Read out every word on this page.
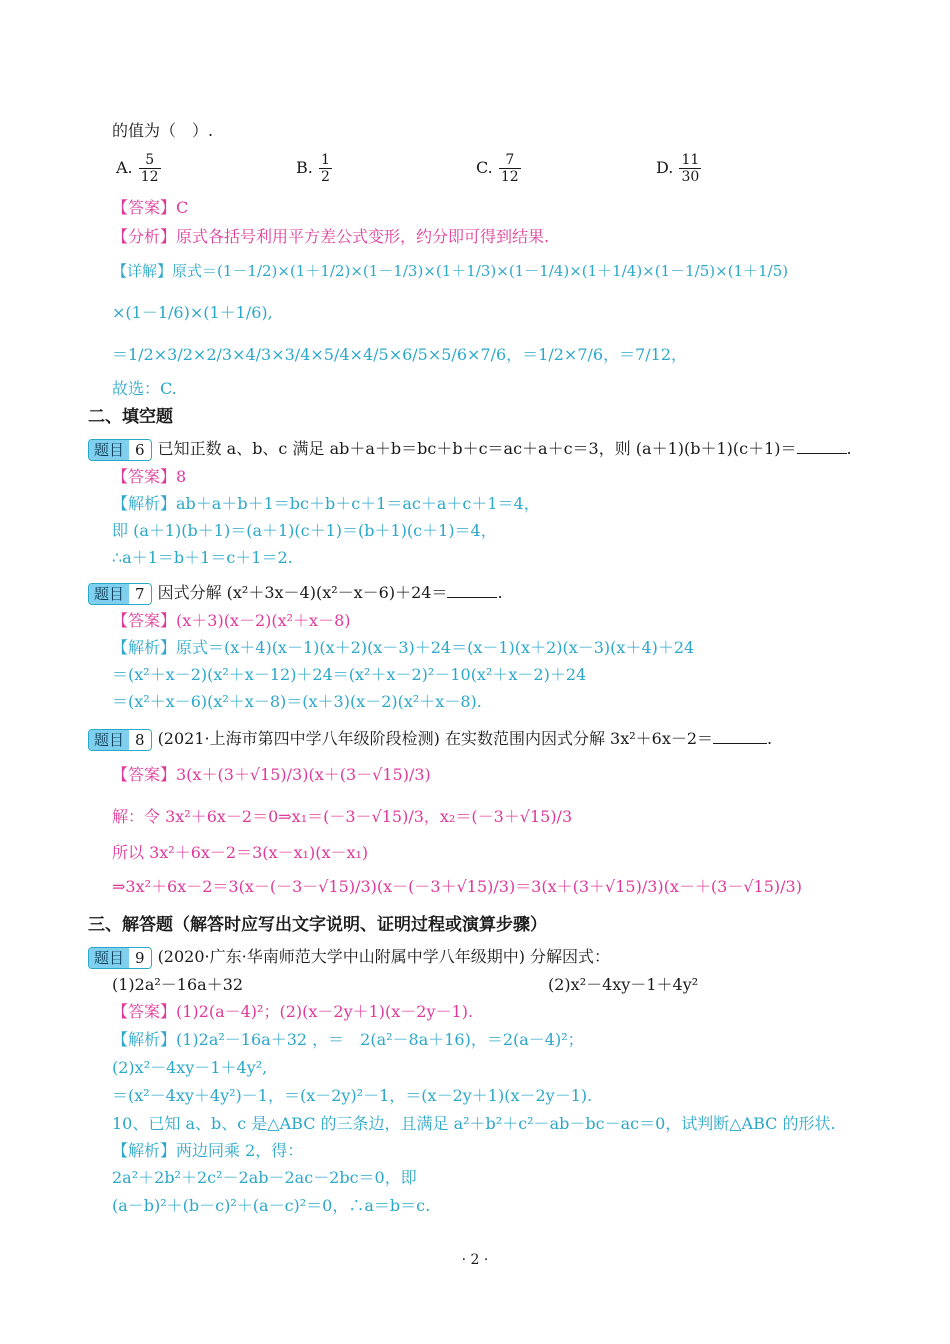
的值为（　）.
A. $\frac{5}{12}$	B. $\frac{1}{2}$	C. $\frac{7}{12}$	D. $\frac{11}{30}$
【答案】C
【分析】原式各括号利用平方差公式变形，约分即可得到结果.
【详解】原式＝(1－1/2)×(1＋1/2)×(1－1/3)×(1＋1/3)×(1－1/4)×(1＋1/4)×(1－1/5)×(1＋1/5)
×(1－1/6)×(1＋1/6),
＝1/2×3/2×2/3×4/3×3/4×5/4×4/5×6/5×5/6×7/6，＝1/2×7/6，＝7/12，
故选：C.
二、填空题
题目 6 已知正数 a、b、c 满足 ab＋a＋b＝bc＋b＋c＝ac＋a＋c＝3，则 (a＋1)(b＋1)(c＋1)＝	.
【答案】8
【解析】ab＋a＋b＋1＝bc＋b＋c＋1＝ac＋a＋c＋1＝4，
即 (a＋1)(b＋1)＝(a＋1)(c＋1)＝(b＋1)(c＋1)＝4，
∴a＋1＝b＋1＝c＋1＝2.
题目 7 因式分解 (x²＋3x－4)(x²－x－6)＋24＝	.
【答案】(x＋3)(x－2)(x²＋x－8)
【解析】原式＝(x＋4)(x－1)(x＋2)(x－3)＋24＝(x－1)(x＋2)(x－3)(x＋4)＋24
＝(x²＋x－2)(x²＋x－12)＋24＝(x²＋x－2)²－10(x²＋x－2)＋24
＝(x²＋x－6)(x²＋x－8)＝(x＋3)(x－2)(x²＋x－8).
题目 8 (2021·上海市第四中学八年级阶段检测) 在实数范围内因式分解 3x²＋6x－2＝	.
【答案】3(x＋(3＋√15)/3)(x＋(3－√15)/3)
解：令 3x²＋6x－2＝0⇒x₁＝(－3－√15)/3，x₂＝(－3＋√15)/3
所以 3x²＋6x－2＝3(x－x₁)(x－x₁)
⇒3x²＋6x－2＝3(x－(－3－√15)/3)(x－(－3＋√15)/3)＝3(x＋(3＋√15)/3)(x－＋(3－√15)/3)
三、解答题（解答时应写出文字说明、证明过程或演算步骤）
题目 9 (2020·广东·华南师范大学中山附属中学八年级期中) 分解因式：
(1)2a²－16a＋32	(2)x²－4xy－1＋4y²
【答案】(1)2(a－4)²；(2)(x－2y＋1)(x－2y－1).
【解析】(1)2a²－16a＋32 ，＝　2(a²－8a＋16)，＝2(a－4)²；
(2)x²－4xy－1＋4y²,
＝(x²－4xy＋4y²)－1，＝(x－2y)²－1，＝(x－2y＋1)(x－2y－1).
10、已知 a、b、c 是△ABC 的三条边，且满足 a²＋b²＋c²－ab－bc－ac＝0，试判断△ABC 的形状.
【解析】两边同乘 2，得：
2a²＋2b²＋2c²－2ab－2ac－2bc＝0，即
(a－b)²＋(b－c)²＋(a－c)²＝0，∴a＝b＝c.
· 2 ·
